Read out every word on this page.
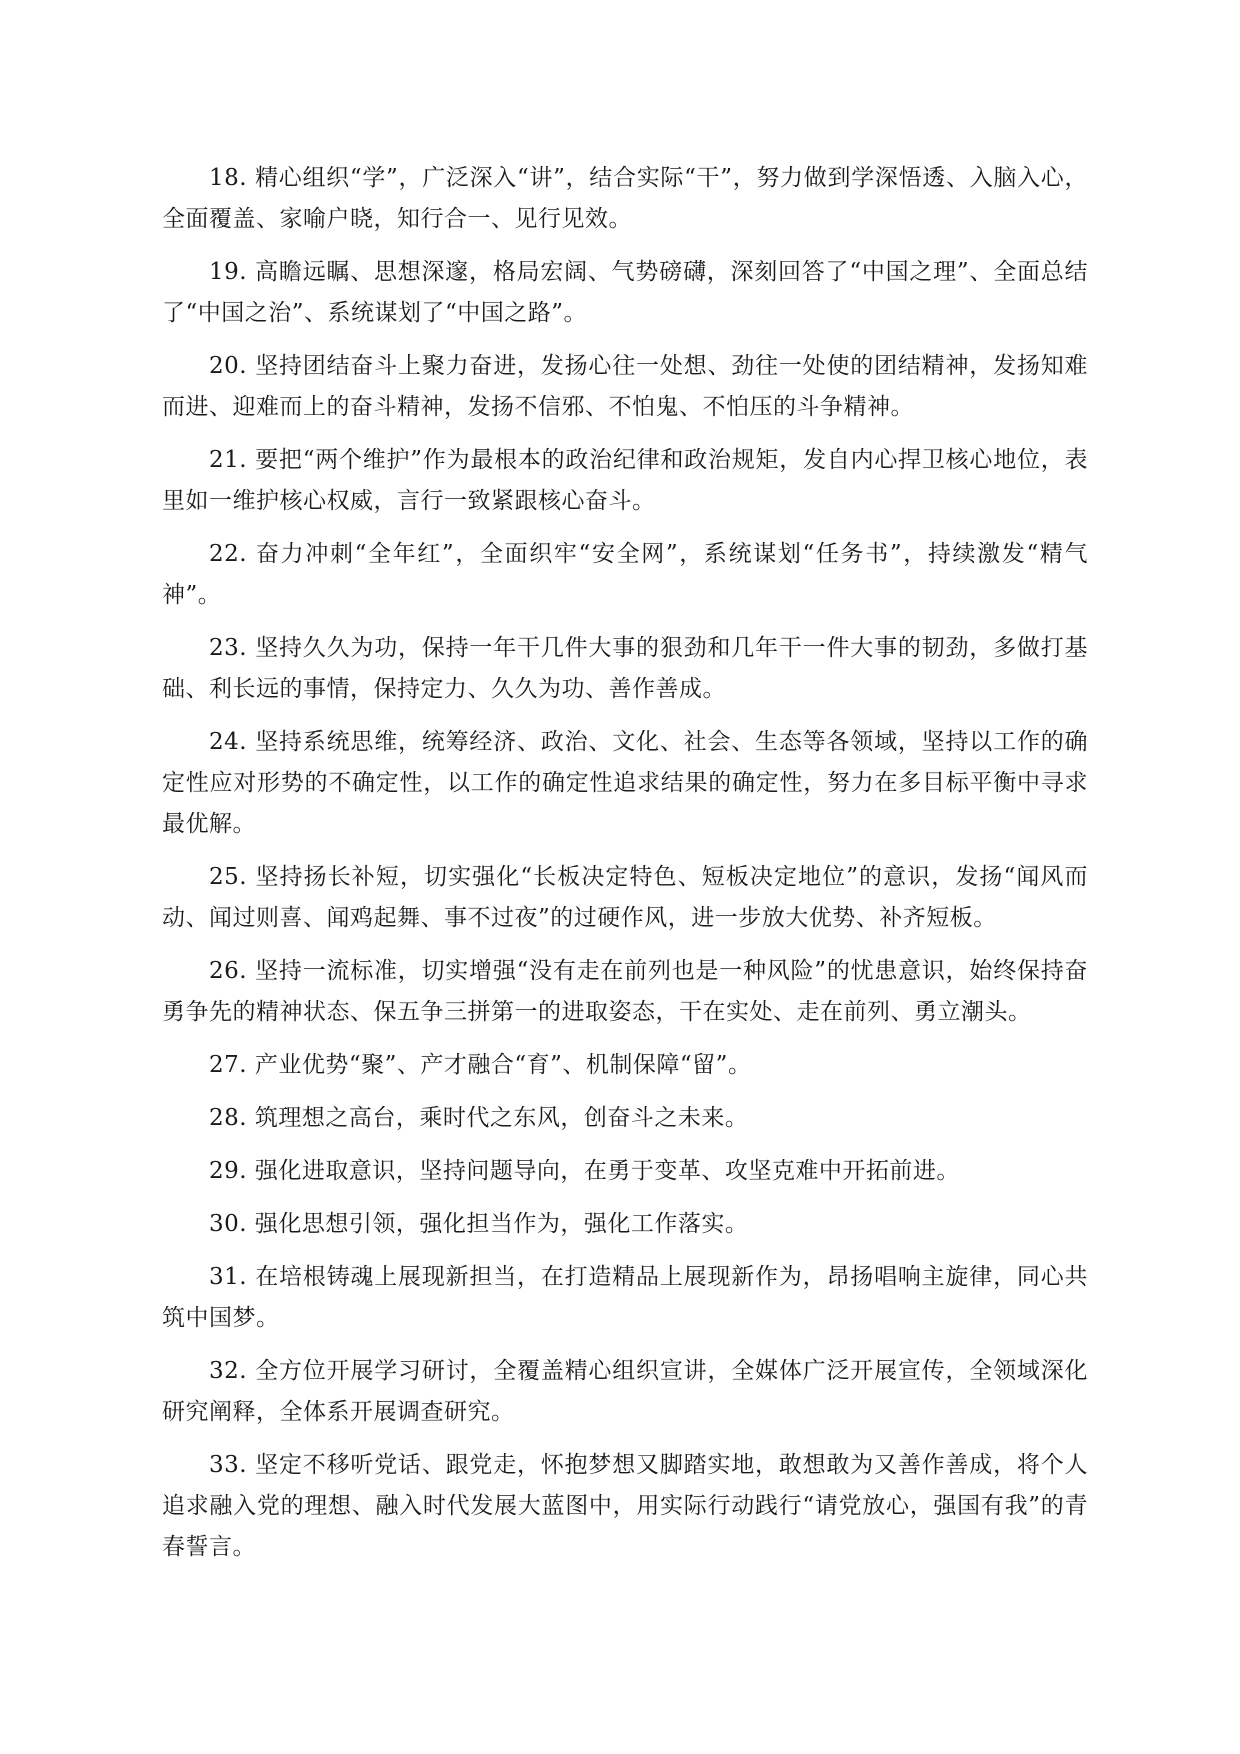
18. 精心组织“学”，广泛深入“讲”，结合实际“干”，努力做到学深悟透、入脑入心，全面覆盖、家喻户晓，知行合一、见行见效。

19. 高瞻远瞩、思想深邃，格局宏阔、气势磅礴，深刻回答了“中国之理”、全面总结了“中国之治”、系统谋划了“中国之路”。

20. 坚持团结奋斗上聚力奋进，发扬心往一处想、劲往一处使的团结精神，发扬知难而进、迎难而上的奋斗精神，发扬不信邪、不怕鬼、不怕压的斗争精神。

21. 要把“两个维护”作为最根本的政治纪律和政治规矩，发自内心捍卫核心地位，表里如一维护核心权威，言行一致紧跟核心奋斗。

22. 奋力冲刺“全年红”，全面织牢“安全网”，系统谋划“任务书”，持续激发“精气神”。

23. 坚持久久为功，保持一年干几件大事的狠劲和几年干一件大事的韧劲，多做打基础、利长远的事情，保持定力、久久为功、善作善成。

24. 坚持系统思维，统筹经济、政治、文化、社会、生态等各领域，坚持以工作的确定性应对形势的不确定性，以工作的确定性追求结果的确定性，努力在多目标平衡中寻求最优解。

25. 坚持扬长补短，切实强化“长板决定特色、短板决定地位”的意识，发扬“闻风而动、闻过则喜、闻鸡起舞、事不过夜”的过硬作风，进一步放大优势、补齐短板。

26. 坚持一流标准，切实增强“没有走在前列也是一种风险”的忧患意识，始终保持奋勇争先的精神状态、保五争三拼第一的进取姿态，干在实处、走在前列、勇立潮头。

27. 产业优势“聚”、产才融合“育”、机制保障“留”。

28. 筑理想之高台，乘时代之东风，创奋斗之未来。

29. 强化进取意识，坚持问题导向，在勇于变革、攻坚克难中开拓前进。

30. 强化思想引领，强化担当作为，强化工作落实。

31. 在培根铸魂上展现新担当，在打造精品上展现新作为，昂扬唱响主旋律，同心共筑中国梦。

32. 全方位开展学习研讨，全覆盖精心组织宣讲，全媒体广泛开展宣传，全领域深化研究阐释，全体系开展调查研究。

33. 坚定不移听党话、跟党走，怀抱梦想又脚踏实地，敢想敢为又善作善成，将个人追求融入党的理想、融入时代发展大蓝图中，用实际行动践行“请党放心，强国有我”的青春誓言。
